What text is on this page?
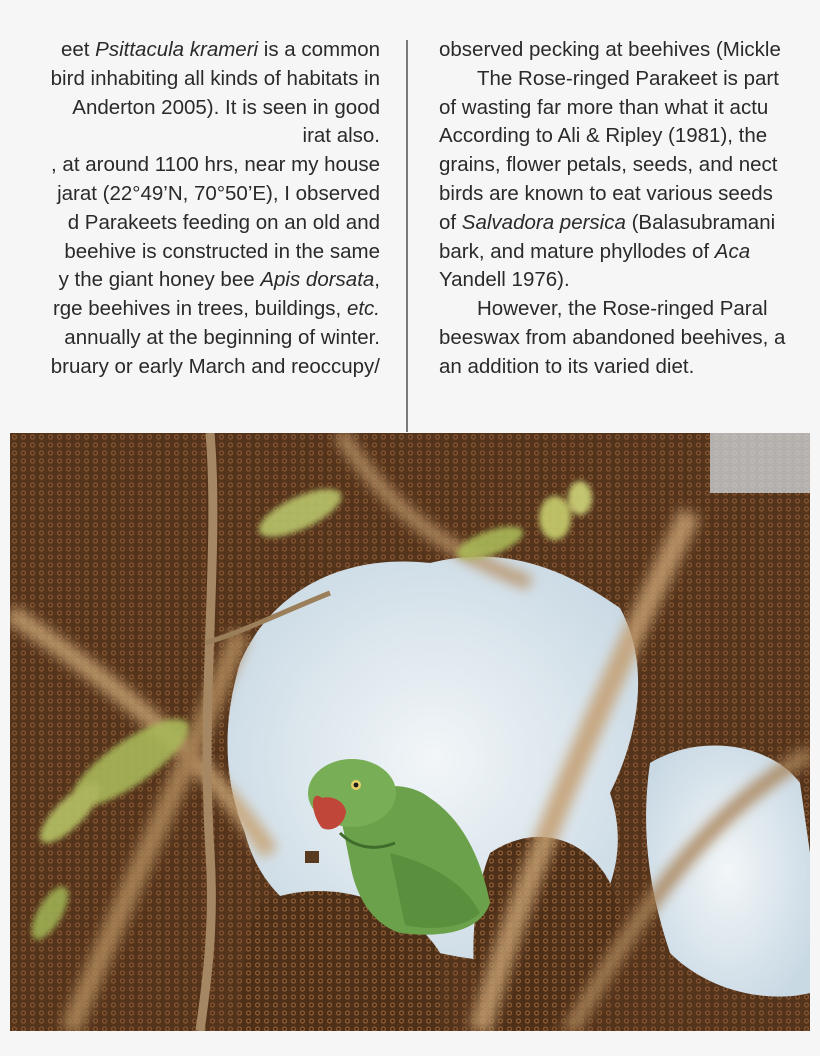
eet Psittacula krameri is a common
bird inhabiting all kinds of habitats in
Anderton 2005). It is seen in good
irat also.
, at around 1100 hrs, near my house
jarat (22°49’N, 70°50’E), I observed
d Parakeets feeding on an old and
beehive is constructed in the same
y the giant honey bee Apis dorsata,
rge beehives in trees, buildings, etc.
annually at the beginning of winter.
bruary or early March and reoccupy/
observed pecking at beehives (Mickle
The Rose-ringed Parakeet is part
of wasting far more than what it actu
According to Ali & Ripley (1981), the
grains, flower petals, seeds, and nect
birds are known to eat various seeds
of Salvadora persica (Balasubramani
bark, and mature phyllodes of Aca
Yandell 1976).
However, the Rose-ringed Paral
beeswax from abandoned beehives, a
an addition to its varied diet.
